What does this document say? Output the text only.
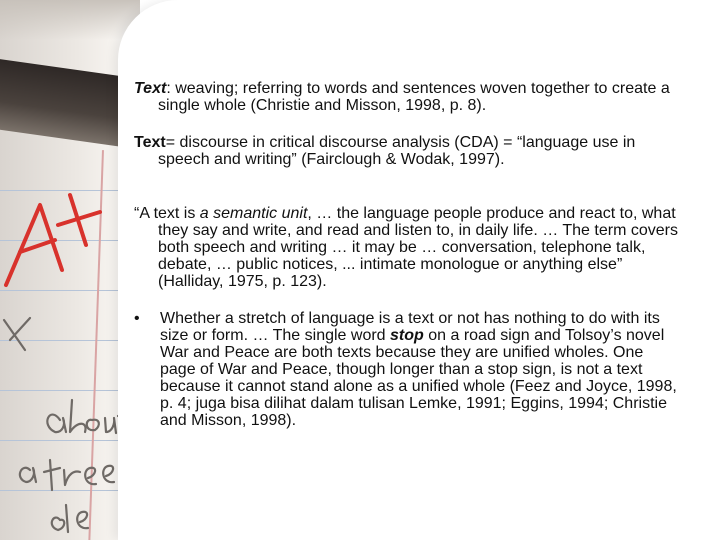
Text: weaving; referring to words and sentences woven together to create a single whole (Christie and Misson, 1998, p. 8).

Text= discourse in critical discourse analysis (CDA) = “language use in speech and writing” (Fairclough & Wodak, 1997).

“A text is a semantic unit, … the language people produce and react to, what they say and write, and read and listen to, in daily life. … The term covers both speech and writing … it may be … conversation, telephone talk, debate, … public notices, ... intimate monologue or anything else” (Halliday, 1975, p. 123).

•	Whether a stretch of language is a text or not has nothing to do with its size or form. … The single word stop on a road sign and Tolsoy’s novel War and Peace are both texts because they are unified wholes. One page of War and Peace, though longer than a stop sign, is not a text because it cannot stand alone as a unified whole (Feez and Joyce, 1998, p. 4; juga bisa dilihat dalam tulisan Lemke, 1991; Eggins, 1994; Christie and Misson, 1998).
